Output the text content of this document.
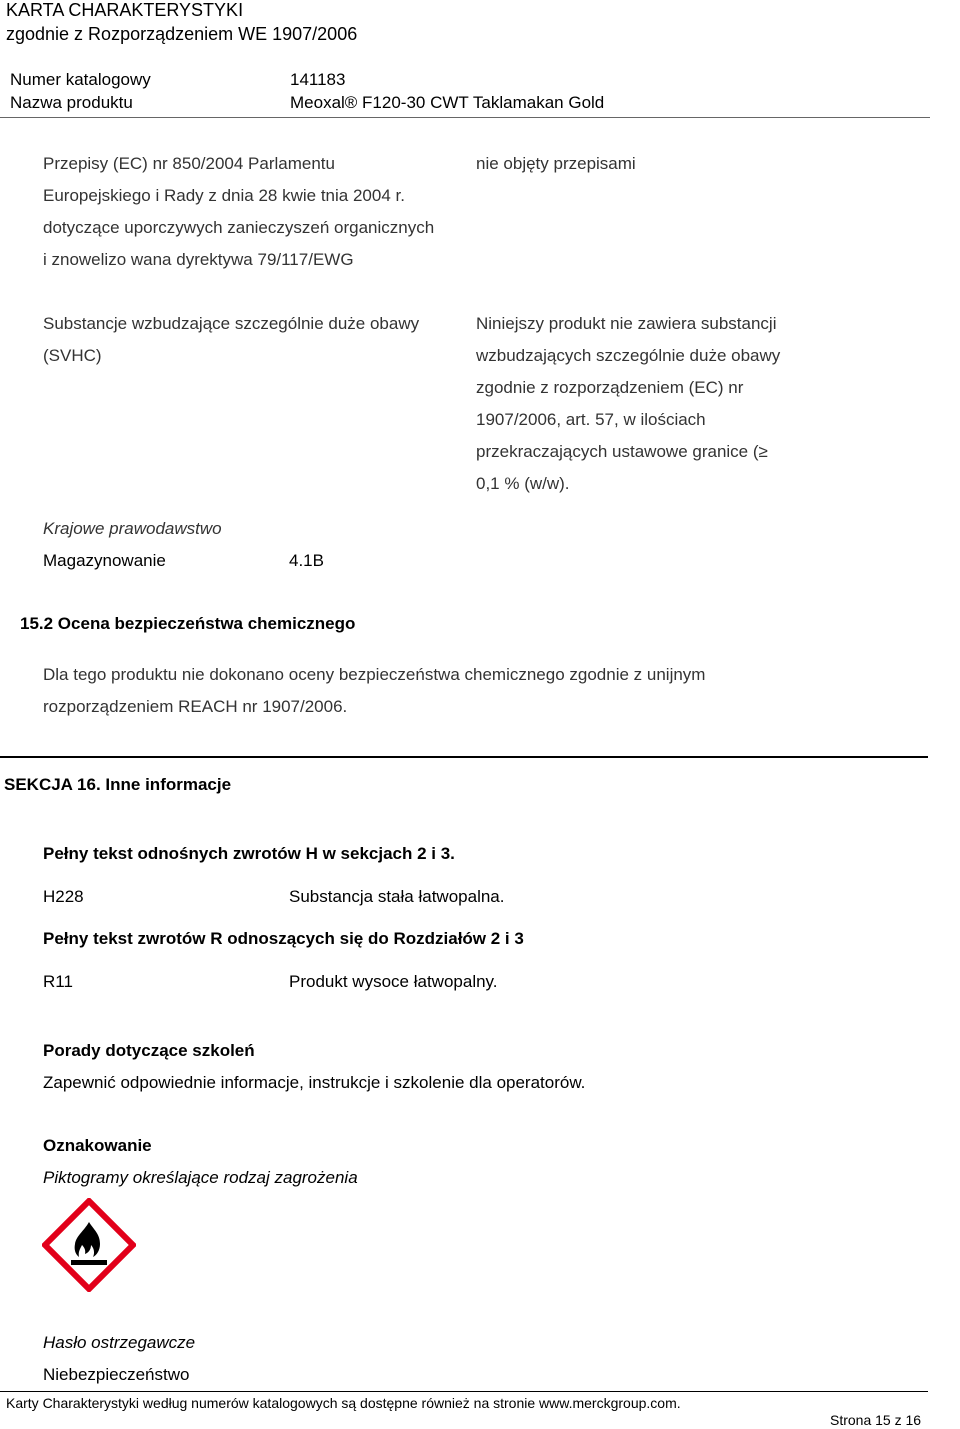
KARTA CHARAKTERYSTYKI
zgodnie z Rozporządzeniem WE 1907/2006
Numer katalogowy	141183
Nazwa produktu	Meoxal® F120-30 CWT Taklamakan Gold
Przepisy (EC) nr 850/2004 Parlamentu
Europejskiego i Rady z dnia 28 kwie tnia 2004 r.
dotyczące uporczywych zanieczyszeń organicznych
i znowelizo wana dyrektywa 79/117/EWG
nie objęty przepisami
Substancje wzbudzające szczególnie duże obawy
(SVHC)
Niniejszy produkt nie zawiera substancji
wzbudzających szczególnie duże obawy
zgodnie z rozporządzeniem (EC) nr
1907/2006, art. 57, w ilościach
przekraczających ustawowe granice (≥
0,1 % (w/w).
Krajowe prawodawstwo
Magazynowanie	4.1B
15.2 Ocena bezpieczeństwa chemicznego
Dla tego produktu nie dokonano oceny bezpieczeństwa chemicznego zgodnie z unijnym
rozporządzeniem REACH nr 1907/2006.
SEKCJA 16. Inne informacje
Pełny tekst odnośnych zwrotów H w sekcjach 2 i 3.
H228	Substancja stała łatwopalna.
Pełny tekst zwrotów R odnoszących się do Rozdziałów 2 i 3
R11	Produkt wysoce łatwopalny.
Porady dotyczące szkoleń
Zapewnić odpowiednie informacje, instrukcje i szkolenie dla operatorów.
Oznakowanie
Piktogramy określające rodzaj zagrożenia
Hasło ostrzegawcze
Niebezpieczeństwo
Karty Charakterystyki według numerów katalogowych są dostępne również na stronie www.merckgroup.com.
Strona 15 z 16
